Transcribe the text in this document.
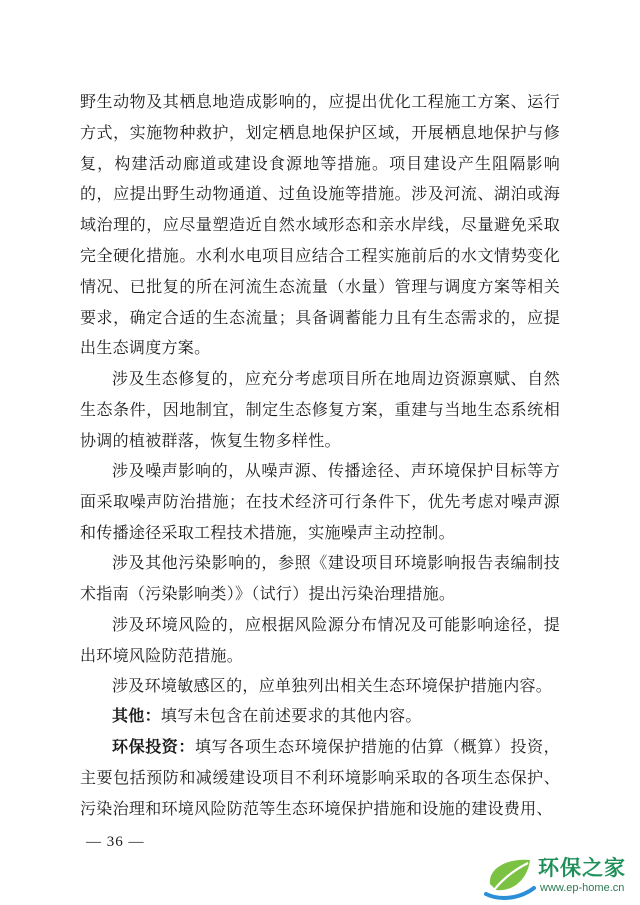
野生动物及其栖息地造成影响的，应提出优化工程施工方案、运行方式，实施物种救护，划定栖息地保护区域，开展栖息地保护与修复，构建活动廊道或建设食源地等措施。项目建设产生阻隔影响的，应提出野生动物通道、过鱼设施等措施。涉及河流、湖泊或海域治理的，应尽量塑造近自然水域形态和亲水岸线，尽量避免采取完全硬化措施。水利水电项目应结合工程实施前后的水文情势变化情况、已批复的所在河流生态流量（水量）管理与调度方案等相关要求，确定合适的生态流量；具备调蓄能力且有生态需求的，应提出生态调度方案。

涉及生态修复的，应充分考虑项目所在地周边资源禀赋、自然生态条件，因地制宜，制定生态修复方案，重建与当地生态系统相协调的植被群落，恢复生物多样性。

涉及噪声影响的，从噪声源、传播途径、声环境保护目标等方面采取噪声防治措施；在技术经济可行条件下，优先考虑对噪声源和传播途径采取工程技术措施，实施噪声主动控制。

涉及其他污染影响的，参照《建设项目环境影响报告表编制技术指南（污染影响类）》（试行）提出污染治理措施。

涉及环境风险的，应根据风险源分布情况及可能影响途径，提出环境风险防范措施。

涉及环境敏感区的，应单独列出相关生态环境保护措施内容。

其他：填写未包含在前述要求的其他内容。

环保投资：填写各项生态环境保护措施的估算（概算）投资，主要包括预防和减缓建设项目不利环境影响采取的各项生态保护、污染治理和环境风险防范等生态环境保护措施和设施的建设费用、

— 36 —
环保之家
www.ep-home.cn
